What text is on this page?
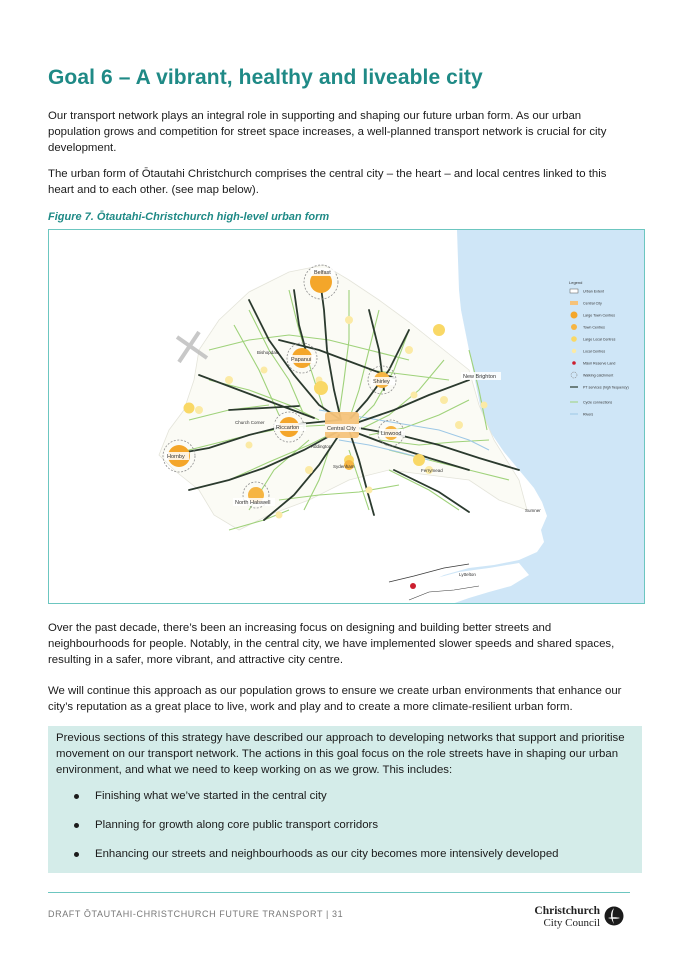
Goal 6 – A vibrant, healthy and liveable city

Our transport network plays an integral role in supporting and shaping our future urban form. As our urban population grows and competition for street space increases, a well-planned transport network is crucial for city development.

The urban form of Ōtautahi Christchurch comprises the central city – the heart – and local centres linked to this heart and to each other. (see map below).

Figure 7. Ōtautahi-Christchurch high-level urban form

Belfast
Bishopdale
Papanui
Shirley
New Brighton
Church Corner
Riccarton	Central City
Linwood
Addington
Hornby
Sydenham
Ferrymead
North Halswell
Sumner
Lyttelton
Legend
Urban Extent
Central City
Large Town Centres
Town Centres
Large Local Centres
Local Centres
Māori Reserve Land
Walking catchment
PT services (high frequency)
Cycle connections
Rivers

Over the past decade, there’s been an increasing focus on designing and building better streets and neighbourhoods for people. Notably, in the central city, we have implemented slower speeds and shared spaces, resulting in a safer, more vibrant, and attractive city centre.

We will continue this approach as our population grows to ensure we create urban environments that enhance our city’s reputation as a great place to live, work and play and to create a more climate-resilient urban form.

Previous sections of this strategy have described our approach to developing networks that support and prioritise movement on our transport network. The actions in this goal focus on the role streets have in shaping our urban environment, and what we need to keep working on as we grow. This includes:

Finishing what we’ve started in the central city
Planning for growth along core public transport corridors
Enhancing our streets and neighbourhoods as our city becomes more intensively developed
DRAFT ŌTAUTAHI-CHRISTCHURCH FUTURE TRANSPORT | 31	Christchurch
City Council
